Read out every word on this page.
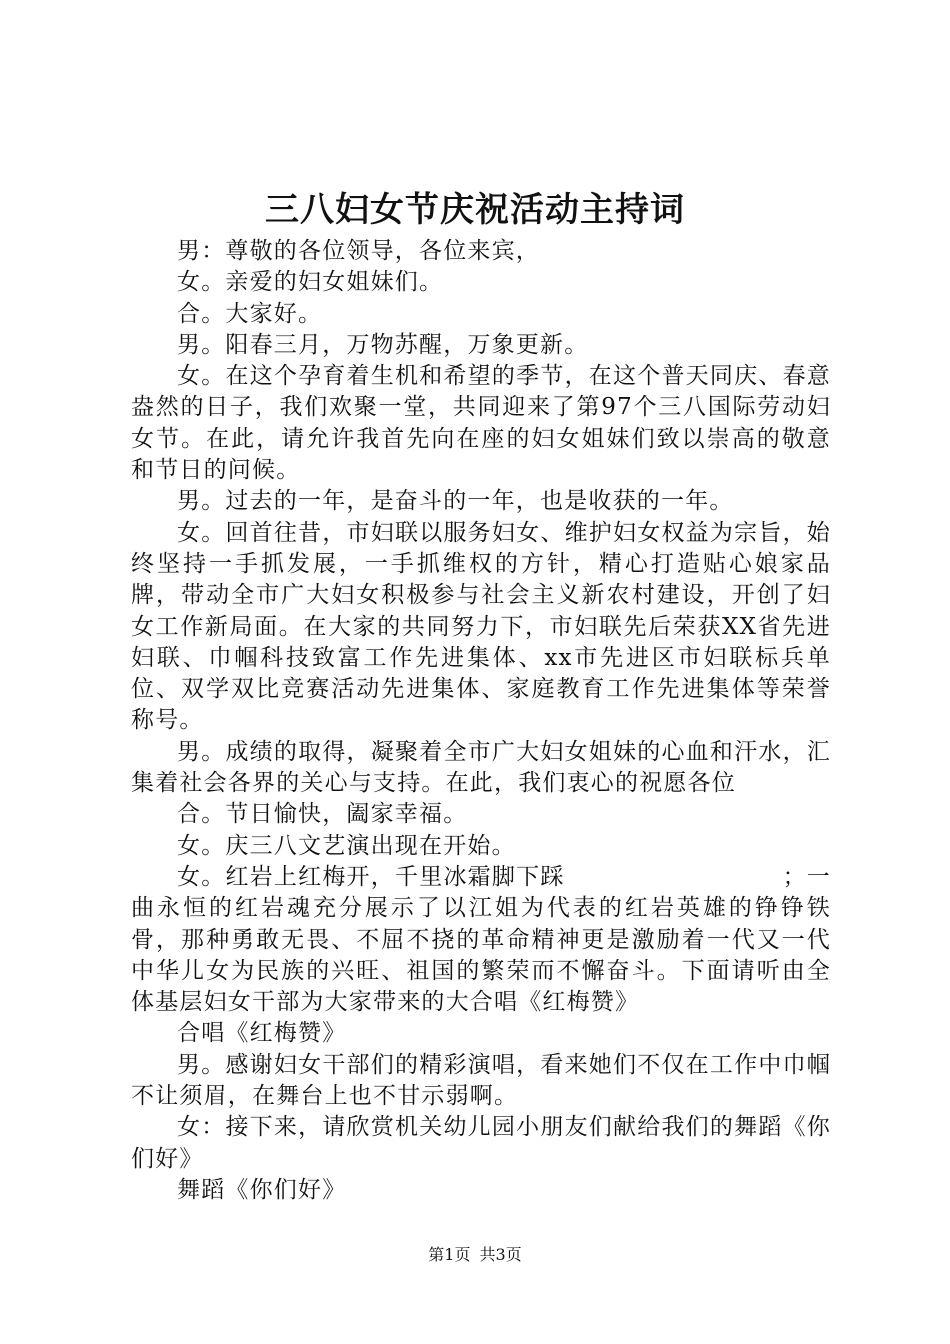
三八妇女节庆祝活动主持词

男：尊敬的各位领导，各位来宾，

女。亲爱的妇女姐妹们。

合。大家好。

男。阳春三月，万物苏醒，万象更新。

女。在这个孕育着生机和希望的季节，在这个普天同庆、春意盎然的日子，我们欢聚一堂，共同迎来了第97个三八国际劳动妇女节。在此，请允许我首先向在座的妇女姐妹们致以崇高的敬意和节日的问候。

男。过去的一年，是奋斗的一年，也是收获的一年。

女。回首往昔，市妇联以服务妇女、维护妇女权益为宗旨，始终坚持一手抓发展，一手抓维权的方针，精心打造贴心娘家品牌，带动全市广大妇女积极参与社会主义新农村建设，开创了妇女工作新局面。在大家的共同努力下，市妇联先后荣获XX省先进妇联、巾帼科技致富工作先进集体、xx市先进区市妇联标兵单位、双学双比竞赛活动先进集体、家庭教育工作先进集体等荣誉称号。

男。成绩的取得，凝聚着全市广大妇女姐妹的心血和汗水，汇集着社会各界的关心与支持。在此，我们衷心的祝愿各位

合。节日愉快，阖家幸福。

女。庆三八文艺演出现在开始。

女。红岩上红梅开，千里冰霜脚下踩　　　　　　　　　；一曲永恒的红岩魂充分展示了以江姐为代表的红岩英雄的铮铮铁骨，那种勇敢无畏、不屈不挠的革命精神更是激励着一代又一代中华儿女为民族的兴旺、祖国的繁荣而不懈奋斗。下面请听由全体基层妇女干部为大家带来的大合唱《红梅赞》

合唱《红梅赞》

男。感谢妇女干部们的精彩演唱，看来她们不仅在工作中巾帼不让须眉，在舞台上也不甘示弱啊。

女：接下来，请欣赏机关幼儿园小朋友们献给我们的舞蹈《你们好》

舞蹈《你们好》

第1页 共3页
